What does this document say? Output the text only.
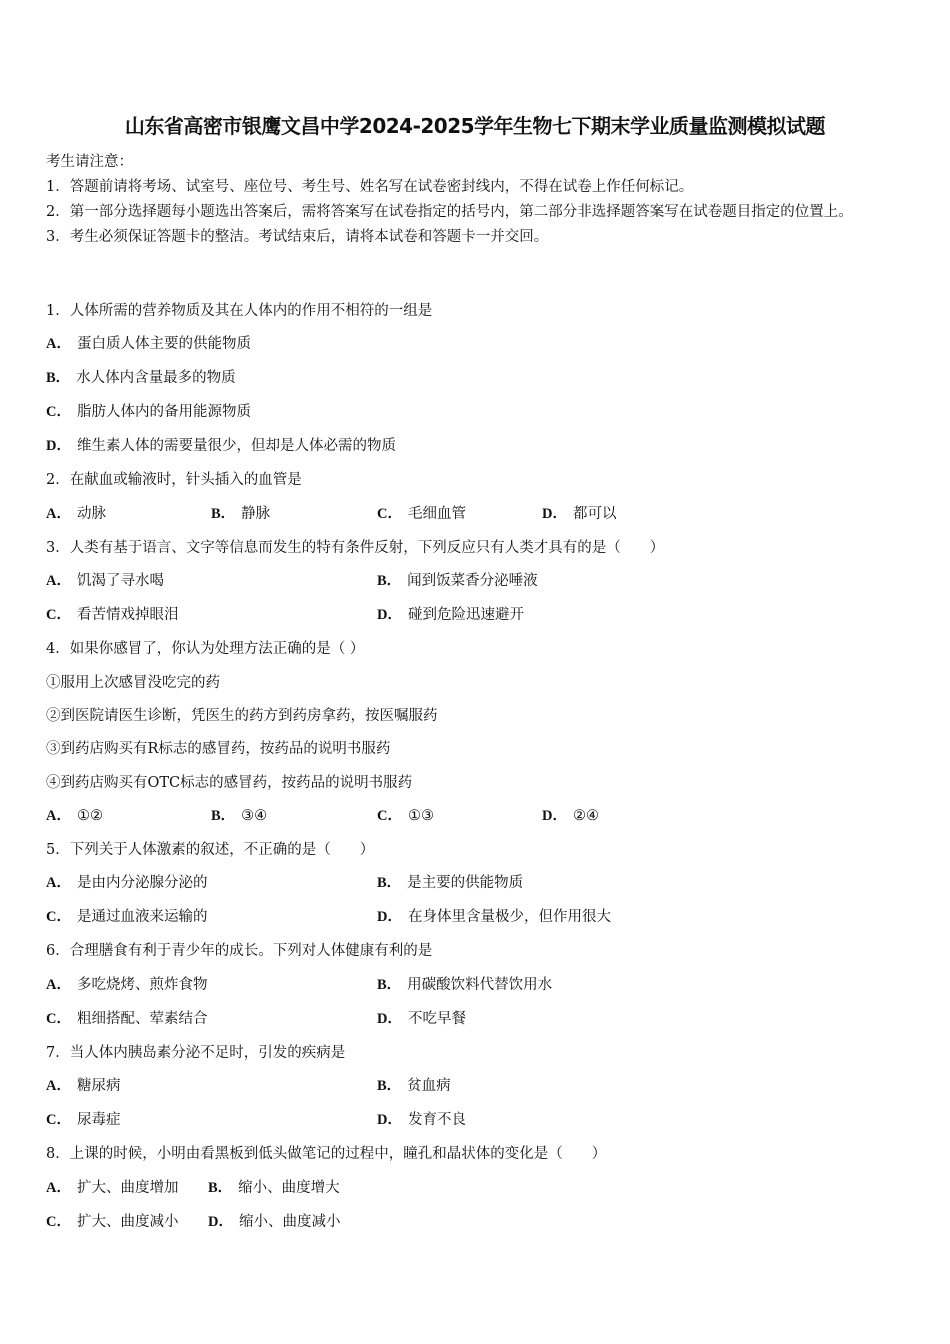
山东省高密市银鹰文昌中学2024-2025学年生物七下期末学业质量监测模拟试题
考生请注意：
1．答题前请将考场、试室号、座位号、考生号、姓名写在试卷密封线内，不得在试卷上作任何标记。
2．第一部分选择题每小题选出答案后，需将答案写在试卷指定的括号内，第二部分非选择题答案写在试卷题目指定的位置上。
3．考生必须保证答题卡的整洁。考试结束后，请将本试卷和答题卡一并交回。
1．人体所需的营养物质及其在人体内的作用不相符的一组是
A． 蛋白质人体主要的供能物质
B． 水人体内含量最多的物质
C． 脂肪人体内的备用能源物质
D． 维生素人体的需要量很少，但却是人体必需的物质
2．在献血或输液时，针头插入的血管是
A． 动脉	B． 静脉	C． 毛细血管	D． 都可以
3．人类有基于语言、文字等信息而发生的特有条件反射，下列反应只有人类才具有的是（　　）
A． 饥渴了寻水喝	B． 闻到饭菜香分泌唾液
C． 看苦情戏掉眼泪	D． 碰到危险迅速避开
4．如果你感冒了，你认为处理方法正确的是（ ）
①服用上次感冒没吃完的药
②到医院请医生诊断，凭医生的药方到药房拿药，按医嘱服药
③到药店购买有R标志的感冒药，按药品的说明书服药
④到药店购买有OTC标志的感冒药，按药品的说明书服药
A． ①②	B． ③④	C． ①③	D． ②④
5．下列关于人体激素的叙述，不正确的是（　　）
A． 是由内分泌腺分泌的	B． 是主要的供能物质
C． 是通过血液来运输的	D． 在身体里含量极少，但作用很大
6．合理膳食有利于青少年的成长。下列对人体健康有利的是
A． 多吃烧烤、煎炸食物	B． 用碳酸饮料代替饮用水
C． 粗细搭配、荤素结合	D． 不吃早餐
7．当人体内胰岛素分泌不足时，引发的疾病是
A． 糖尿病	B． 贫血病
C． 尿毒症	D． 发育不良
8．上课的时候，小明由看黑板到低头做笔记的过程中，瞳孔和晶状体的变化是（　　）
A． 扩大、曲度增加 B． 缩小、曲度增大
C． 扩大、曲度减小 D． 缩小、曲度减小
